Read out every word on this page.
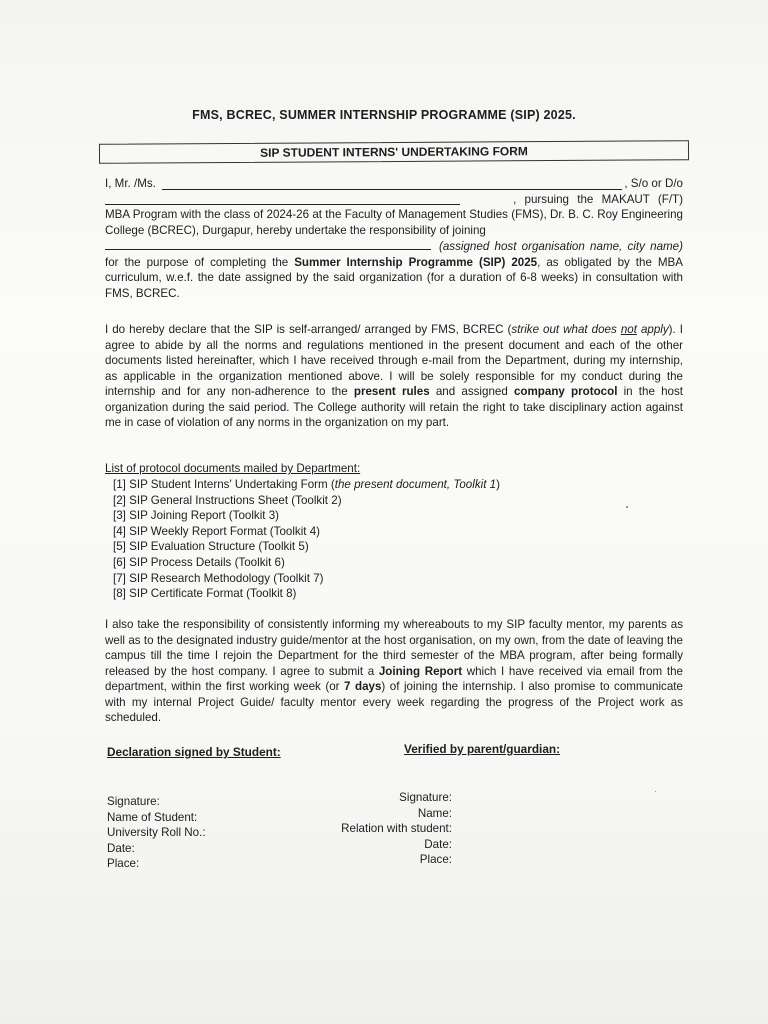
FMS, BCREC, SUMMER INTERNSHIP PROGRAMME (SIP) 2025.
SIP STUDENT INTERNS' UNDERTAKING FORM
I, Mr. /Ms.	, S/o or D/o
, pursuing the MAKAUT (F/T)
MBA Program with the class of 2024-26 at the Faculty of Management Studies (FMS), Dr. B. C. Roy Engineering College (BCREC), Durgapur, hereby undertake the responsibility of joining
(assigned host organisation name, city name) for the purpose of completing the Summer Internship Programme (SIP) 2025, as obligated by the MBA curriculum, w.e.f. the date assigned by the said organization (for a duration of 6-8 weeks) in consultation with FMS, BCREC.
I do hereby declare that the SIP is self-arranged/ arranged by FMS, BCREC (strike out what does not apply). I agree to abide by all the norms and regulations mentioned in the present document and each of the other documents listed hereinafter, which I have received through e-mail from the Department, during my internship, as applicable in the organization mentioned above. I will be solely responsible for my conduct during the internship and for any non-adherence to the present rules and assigned company protocol in the host organization during the said period. The College authority will retain the right to take disciplinary action against me in case of violation of any norms in the organization on my part.
List of protocol documents mailed by Department:
[1] SIP Student Interns' Undertaking Form (the present document, Toolkit 1)
[2] SIP General Instructions Sheet (Toolkit 2)
[3] SIP Joining Report (Toolkit 3)
[4] SIP Weekly Report Format (Toolkit 4)
[5] SIP Evaluation Structure (Toolkit 5)
[6] SIP Process Details (Toolkit 6)
[7] SIP Research Methodology (Toolkit 7)
[8] SIP Certificate Format (Toolkit 8)
I also take the responsibility of consistently informing my whereabouts to my SIP faculty mentor, my parents as well as to the designated industry guide/mentor at the host organisation, on my own, from the date of leaving the campus till the time I rejoin the Department for the third semester of the MBA program, after being formally released by the host company. I agree to submit a Joining Report which I have received via email from the department, within the first working week (or 7 days) of joining the internship. I also promise to communicate with my internal Project Guide/ faculty mentor every week regarding the progress of the Project work as scheduled.
Declaration signed by Student:	Verified by parent/guardian:
Signature:
Name of Student:
University Roll No.:
Date:
Place:
Signature:
Name:
Relation with student:
Date:
Place:
